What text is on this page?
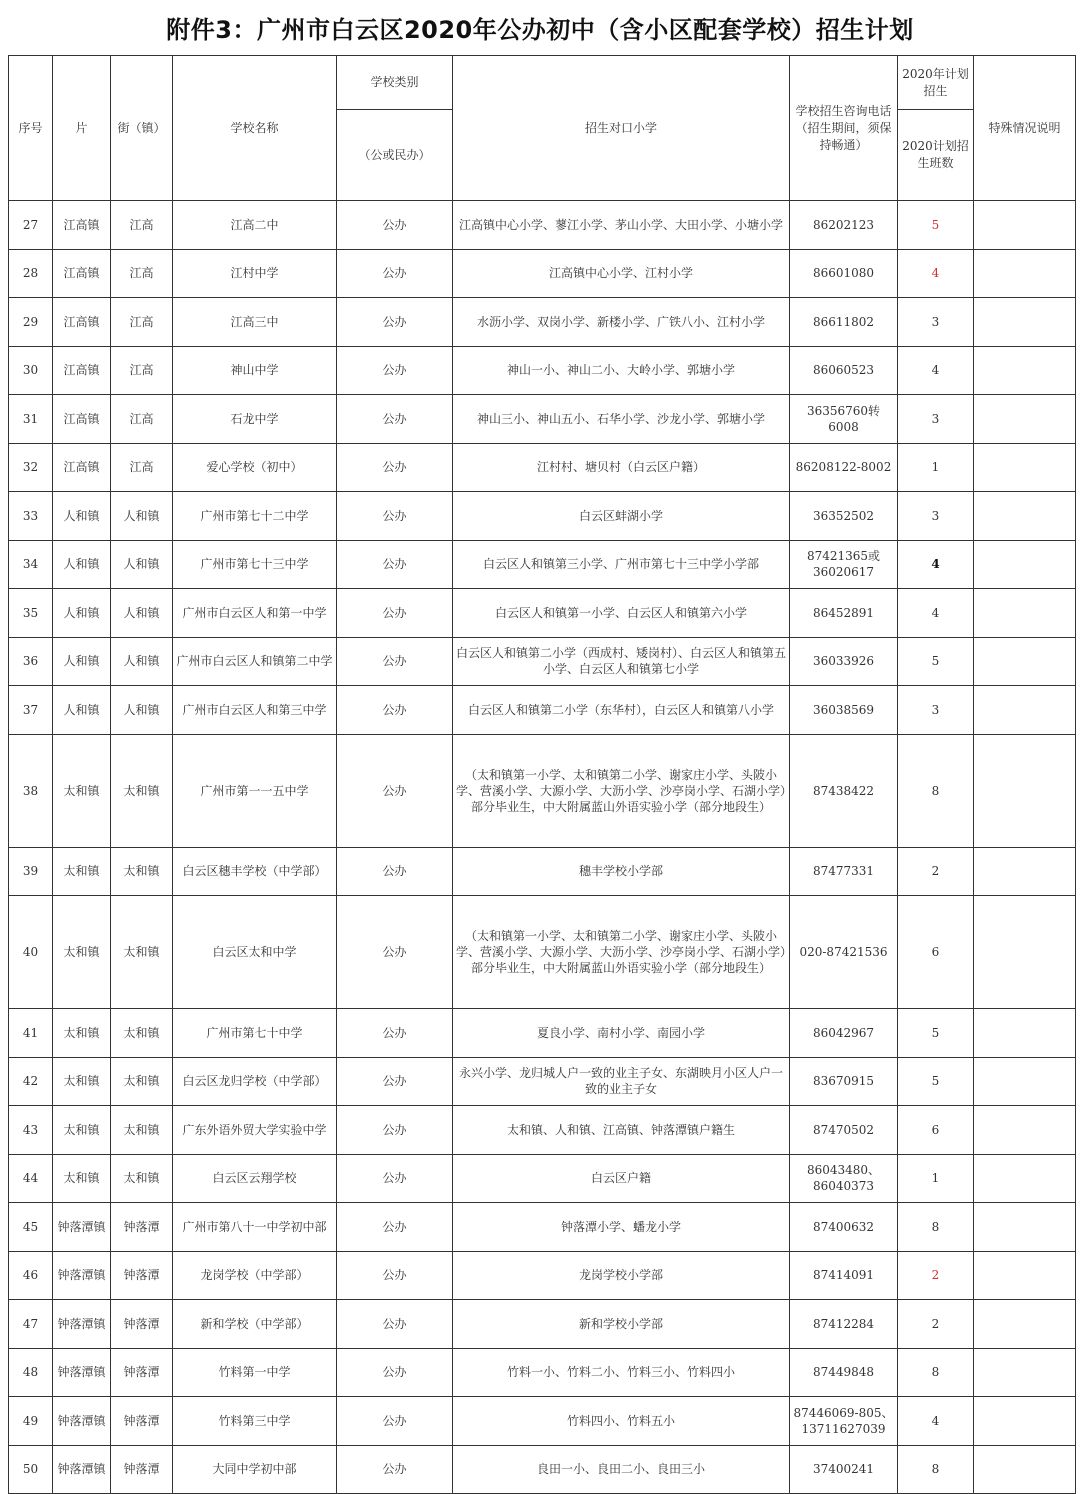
附件3：广州市白云区2020年公办初中（含小区配套学校）招生计划
序号	片	街（镇）	学校名称	学校类别	招生对口小学	学校招生咨询电话（招生期间，须保持畅通）	2020年计划招生	特殊情况说明
				（公或民办）			2020计划招生班数	
27	江高镇	江高	江高二中	公办	江高镇中心小学、蓼江小学、茅山小学、大田小学、小塘小学	86202123	5	
28	江高镇	江高	江村中学	公办	江高镇中心小学、江村小学	86601080	4	
29	江高镇	江高	江高三中	公办	水沥小学、双岗小学、新楼小学、广铁八小、江村小学	86611802	3	
30	江高镇	江高	神山中学	公办	神山一小、神山二小、大岭小学、郭塘小学	86060523	4	
31	江高镇	江高	石龙中学	公办	神山三小、神山五小、石华小学、沙龙小学、郭塘小学	36356760转6008	3	
32	江高镇	江高	爱心学校（初中）	公办	江村村、塘贝村（白云区户籍）	86208122-8002	1	
33	人和镇	人和镇	广州市第七十二中学	公办	白云区蚌湖小学	36352502	3	
34	人和镇	人和镇	广州市第七十三中学	公办	白云区人和镇第三小学、广州市第七十三中学小学部	87421365或36020617	4	
35	人和镇	人和镇	广州市白云区人和第一中学	公办	白云区人和镇第一小学、白云区人和镇第六小学	86452891	4	
36	人和镇	人和镇	广州市白云区人和镇第二中学	公办	白云区人和镇第二小学（西成村、矮岗村）、白云区人和镇第五小学、白云区人和镇第七小学	36033926	5	
37	人和镇	人和镇	广州市白云区人和第三中学	公办	白云区人和镇第二小学（东华村），白云区人和镇第八小学	36038569	3	
38	太和镇	太和镇	广州市第一一五中学	公办	（太和镇第一小学、太和镇第二小学、谢家庄小学、头陂小学、营溪小学、大源小学、大沥小学、沙亭岗小学、石湖小学）部分毕业生，中大附属蓝山外语实验小学（部分地段生）	87438422	8	
39	太和镇	太和镇	白云区穗丰学校（中学部）	公办	穗丰学校小学部	87477331	2	
40	太和镇	太和镇	白云区太和中学	公办	（太和镇第一小学、太和镇第二小学、谢家庄小学、头陂小学、营溪小学、大源小学、大沥小学、沙亭岗小学、石湖小学）部分毕业生，中大附属蓝山外语实验小学（部分地段生）	020-87421536	6	
41	太和镇	太和镇	广州市第七十中学	公办	夏良小学、南村小学、南园小学	86042967	5	
42	太和镇	太和镇	白云区龙归学校（中学部）	公办	永兴小学、龙归城人户一致的业主子女、东湖映月小区人户一致的业主子女	83670915	5	
43	太和镇	太和镇	广东外语外贸大学实验中学	公办	太和镇、人和镇、江高镇、钟落潭镇户籍生	87470502	6	
44	太和镇	太和镇	白云区云翔学校	公办	白云区户籍	86043480、86040373	1	
45	钟落潭镇	钟落潭	广州市第八十一中学初中部	公办	钟落潭小学、蟠龙小学	87400632	8	
46	钟落潭镇	钟落潭	龙岗学校（中学部）	公办	龙岗学校小学部	87414091	2	
47	钟落潭镇	钟落潭	新和学校（中学部）	公办	新和学校小学部	87412284	2	
48	钟落潭镇	钟落潭	竹料第一中学	公办	竹料一小、竹料二小、竹料三小、竹料四小	87449848	8	
49	钟落潭镇	钟落潭	竹料第三中学	公办	竹料四小、竹料五小	87446069-805、13711627039	4	
50	钟落潭镇	钟落潭	大同中学初中部	公办	良田一小、良田二小、良田三小	37400241	8	
